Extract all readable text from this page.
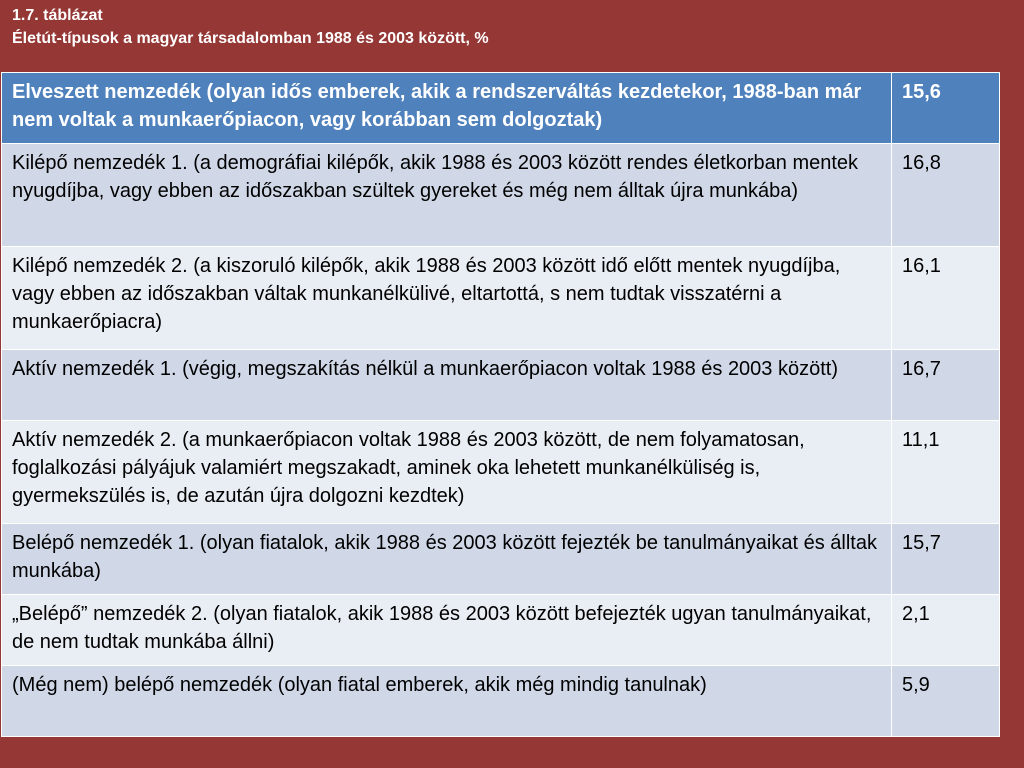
1.7. táblázat
Életút-típusok a magyar társadalomban 1988 és 2003 között, %
Elveszett nemzedék (olyan idős emberek, akik a rendszerváltás kezdetekor, 1988-ban már nem voltak a munkaerőpiacon, vagy korábban sem dolgoztak)	15,6
Kilépő nemzedék 1. (a demográfiai kilépők, akik 1988 és 2003 között rendes életkorban mentek nyugdíjba, vagy ebben az időszakban szültek gyereket és még nem álltak újra munkába)	16,8
Kilépő nemzedék 2. (a kiszoruló kilépők, akik 1988 és 2003 között idő előtt mentek nyugdíjba, vagy ebben az időszakban váltak munkanélkülivé, eltartottá, s nem tudtak visszatérni a munkaerőpiacra)	16,1
Aktív nemzedék 1. (végig, megszakítás nélkül a munkaerőpiacon voltak 1988 és 2003 között)	16,7
Aktív nemzedék 2. (a munkaerőpiacon voltak 1988 és 2003 között, de nem folyamatosan, foglalkozási pályájuk valamiért megszakadt, aminek oka lehetett munkanélküliség is, gyermekszülés is, de azután újra dolgozni kezdtek)	11,1
Belépő nemzedék 1. (olyan fiatalok, akik 1988 és 2003 között fejezték be tanulmányaikat és álltak munkába)	15,7
„Belépő” nemzedék 2. (olyan fiatalok, akik 1988 és 2003 között befejezték ugyan tanulmányaikat, de nem tudtak munkába állni)	2,1
(Még nem) belépő nemzedék (olyan fiatal emberek, akik még mindig tanulnak)	5,9
